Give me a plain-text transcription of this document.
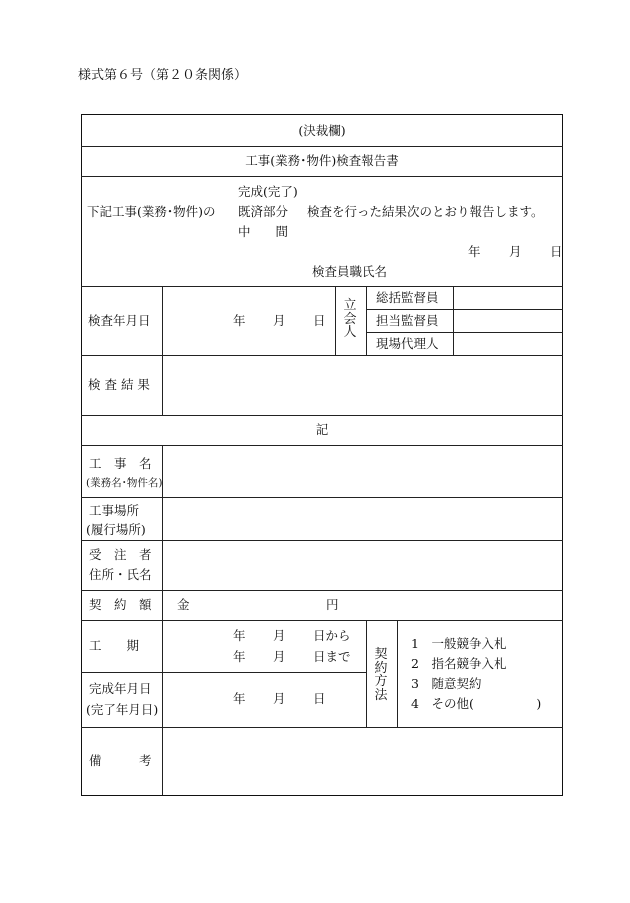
様式第６号（第２０条関係）
(決裁欄)
工事(業務･物件)検査報告書
下記工事(業務･物件)の
完成(完了)
既済部分
中　　間
検査を行った結果次のとおり報告します。
年 月 日
検査員職氏名
検査年月日	年 月 日
立
会
人
総括監督員
担当監督員
現場代理人
検 査 結 果
記
工　事　名
(業務名･物件名)
工事場所
(履行場所)
受　注　者
住所・氏名
契　約　額 金	円
工　　期
年 月 日から
年 月 日まで
完成年月日
(完了年月日)
年 月 日
契
約
方
法
1　一般競争入札
2　指名競争入札
3　随意契約
4　その他(　　　　　)
備　　　考
